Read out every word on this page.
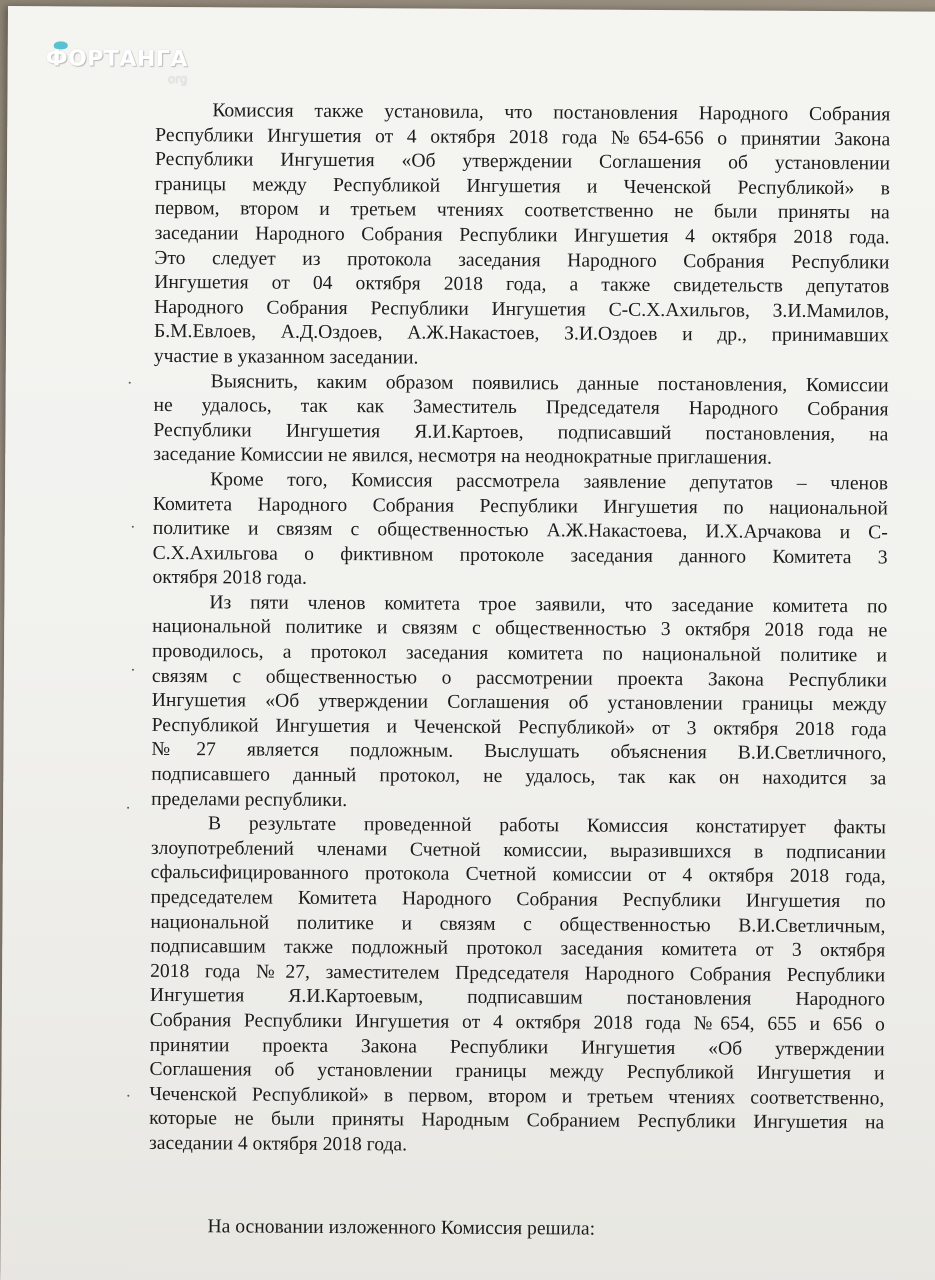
ФОРТАНГА
org

Комиссия также установила, что постановления Народного Собрания
Республики Ингушетия от 4 октября 2018 года №654-656 о принятии Закона
Республики Ингушетия «Об утверждении Соглашения об установлении
границы между Республикой Ингушетия и Чеченской Республикой» в
первом, втором и третьем чтениях соответственно не были приняты на
заседании Народного Собрания Республики Ингушетия 4 октября 2018 года.
Это следует из протокола заседания Народного Собрания Республики
Ингушетия от 04 октября 2018 года, а также свидетельств депутатов
Народного Собрания Республики Ингушетия С-С.Х.Ахильгов, З.И.Мамилов,
Б.М.Евлоев, А.Д.Оздоев, А.Ж.Накастоев, З.И.Оздоев и др., принимавших
участие в указанном заседании.

Выяснить, каким образом появились данные постановления, Комиссии
не удалось, так как Заместитель Председателя Народного Собрания
Республики Ингушетия Я.И.Картоев, подписавший постановления, на
заседание Комиссии не явился, несмотря на неоднократные приглашения.

Кроме того, Комиссия рассмотрела заявление депутатов – членов
Комитета Народного Собрания Республики Ингушетия по национальной
политике и связям с общественностью А.Ж.Накастоева, И.Х.Арчакова и С-
С.Х.Ахильгова о фиктивном протоколе заседания данного Комитета 3
октября 2018 года.

Из пяти членов комитета трое заявили, что заседание комитета по
национальной политике и связям с общественностью 3 октября 2018 года не
проводилось, а протокол заседания комитета по национальной политике и
связям с общественностью о рассмотрении проекта Закона Республики
Ингушетия «Об утверждении Соглашения об установлении границы между
Республикой Ингушетия и Чеченской Республикой» от 3 октября 2018 года
№27 является подложным. Выслушать объяснения В.И.Светличного,
подписавшего данный протокол, не удалось, так как он находится за
пределами республики.

В результате проведенной работы Комиссия констатирует факты
злоупотреблений членами Счетной комиссии, выразившихся в подписании
сфальсифицированного протокола Счетной комиссии от 4 октября 2018 года,
председателем Комитета Народного Собрания Республики Ингушетия по
национальной политике и связям с общественностью В.И.Светличным,
подписавшим также подложный протокол заседания комитета от 3 октября
2018 года №27, заместителем Председателя Народного Собрания Республики
Ингушетия Я.И.Картоевым, подписавшим постановления Народного
Собрания Республики Ингушетия от 4 октября 2018 года №654, 655 и 656 о
принятии проекта Закона Республики Ингушетия «Об утверждении
Соглашения об установлении границы между Республикой Ингушетия и
Чеченской Республикой» в первом, втором и третьем чтениях соответственно,
которые не были приняты Народным Собранием Республики Ингушетия на
заседании 4 октября 2018 года.

На основании изложенного Комиссия решила:
